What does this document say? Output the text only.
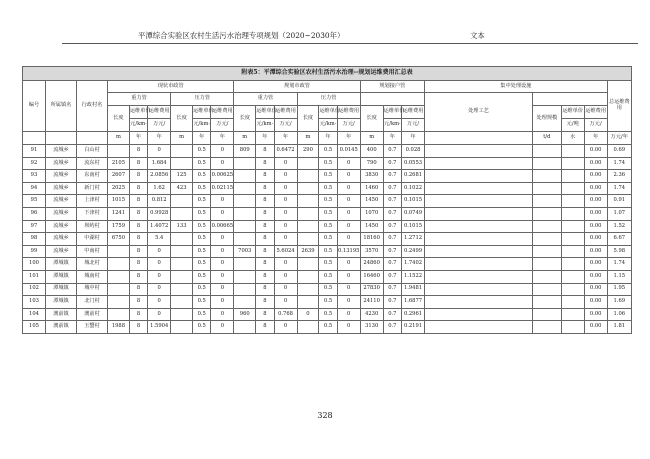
平潭综合实验区农村生活污水治理专项规划（2020~2030年）	文本
附表5：平潭综合实验区农村生活污水治理--规划运维费用汇总表																						
编号	所属镇名	行政村名	现状市政管						规划市政管						规划接户管			集中处理设施				总运维费用
			重力管			压力管			重力管			压力管						处理工艺				
			长度	运维单价	运维费用	长度	运维单价	运维费用	长度	运维单价	运维费用	长度	运维单价	运维费用	长度	运维单价	运维费用		处理规模	运维单价	运维费用	
				元/km·	万元/		元/km·	万元/		元/km·	万元/		元/km·	万元/		元/km·	万元/			元/吨	万元/	
			m	年	年	m	年	年	m	年	年	m	年	年	m	年	年		t/d	水	年	万元/年
91	流城乡	白山村		8	0		0.5	0	809	8	0.6472	290	0.5	0.0145	400	0.7	0.028				0.00	0.69
92	流城乡	流东村	2105	8	1.684		0.5	0		8	0		0.5	0	790	0.7	0.0553				0.00	1.74
93	流城乡	东南村	2607	8	2.0856	125	0.5	0.00625		8	0		0.5	0	3830	0.7	0.2681				0.00	2.36
94	流城乡	新门村	2025	8	1.62	423	0.5	0.02115		8	0		0.5	0	1460	0.7	0.1022				0.00	1.74
95	流城乡	上津村	1015	8	0.812		0.5	0		8	0		0.5	0	1450	0.7	0.1015				0.00	0.91
96	流城乡	下津村	1241	8	0.9928		0.5	0		8	0		0.5	0	1070	0.7	0.0749				0.00	1.07
97	流城乡	坝屿村	1759	8	1.4072	133	0.5	0.00665		8	0		0.5	0	1450	0.7	0.1015				0.00	1.52
98	流城乡	中湖村	6750	8	5.4		0.5	0		8	0		0.5	0	18160	0.7	1.2712				0.00	6.67
99	流城乡	中南村		8	0		0.5	0	7003	8	5.6024	2639	0.5	0.13195	3570	0.7	0.2499				0.00	5.98
100	潭城镇	城北村		8	0		0.5	0		8	0		0.5	0	24860	0.7	1.7402				0.00	1.74
101	潭城镇	城南村		8	0		0.5	0		8	0		0.5	0	16460	0.7	1.1522				0.00	1.15
102	潭城镇	城中村		8	0		0.5	0		8	0		0.5	0	27830	0.7	1.9481				0.00	1.95
103	潭城镇	北门村		8	0		0.5	0		8	0		0.5	0	24110	0.7	1.6877				0.00	1.69
104	澳前镇	澳前村		8	0		0.5	0	960	8	0.768	0	0.5	0	4230	0.7	0.2961				0.00	1.06
105	澳前镇	玉蟹村	1988	8	1.5904		0.5	0		8	0		0.5	0	3130	0.7	0.2191				0.00	1.81
328
